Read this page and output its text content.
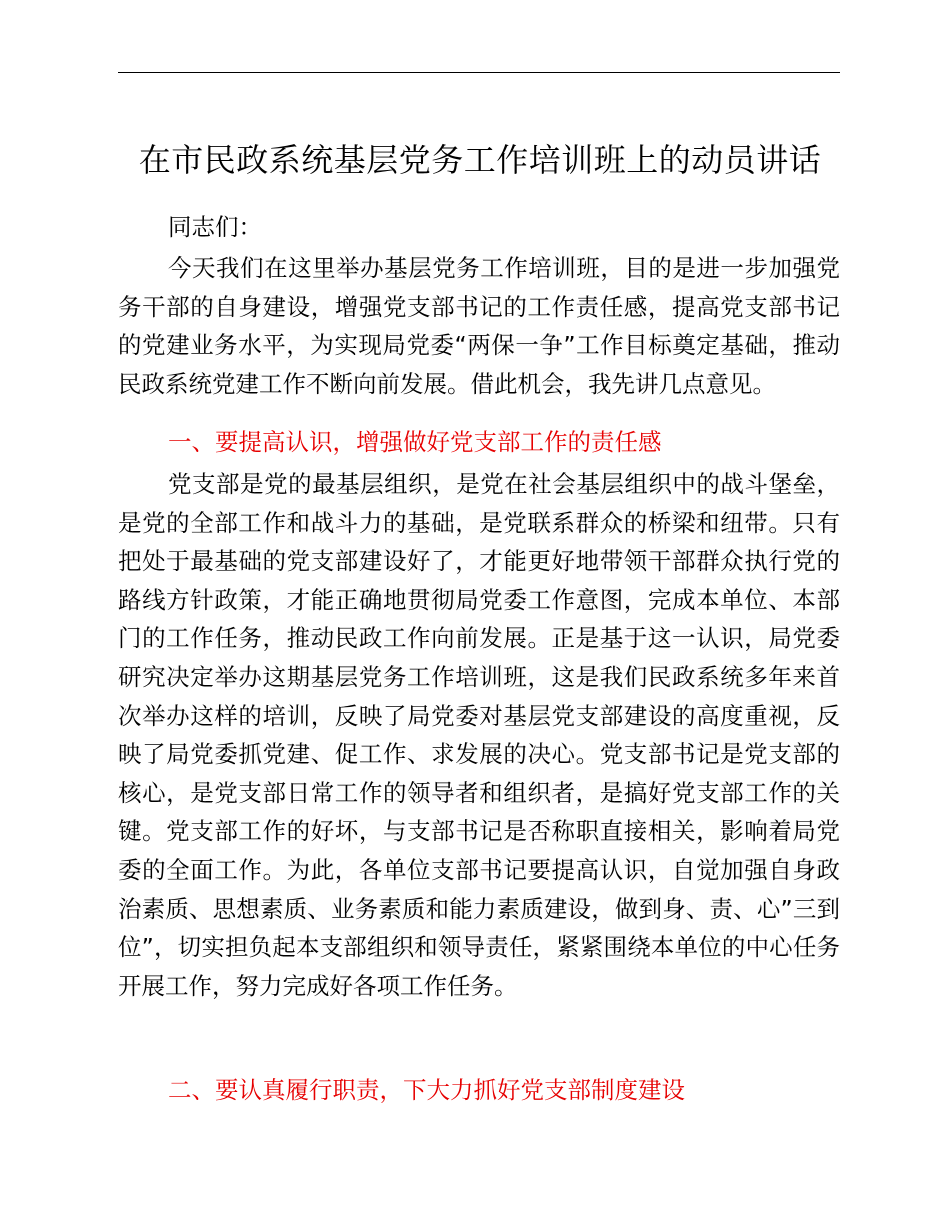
在市民政系统基层党务工作培训班上的动员讲话

同志们：

今天我们在这里举办基层党务工作培训班，目的是进一步加强党务干部的自身建设，增强党支部书记的工作责任感，提高党支部书记的党建业务水平，为实现局党委“两保一争”工作目标奠定基础，推动民政系统党建工作不断向前发展。借此机会，我先讲几点意见。

一、要提高认识，增强做好党支部工作的责任感

党支部是党的最基层组织，是党在社会基层组织中的战斗堡垒，是党的全部工作和战斗力的基础，是党联系群众的桥梁和纽带。只有把处于最基础的党支部建设好了，才能更好地带领干部群众执行党的路线方针政策，才能正确地贯彻局党委工作意图，完成本单位、本部门的工作任务，推动民政工作向前发展。正是基于这一认识，局党委研究决定举办这期基层党务工作培训班，这是我们民政系统多年来首次举办这样的培训，反映了局党委对基层党支部建设的高度重视，反映了局党委抓党建、促工作、求发展的决心。党支部书记是党支部的核心，是党支部日常工作的领导者和组织者，是搞好党支部工作的关键。党支部工作的好坏，与支部书记是否称职直接相关，影响着局党委的全面工作。为此，各单位支部书记要提高认识，自觉加强自身政治素质、思想素质、业务素质和能力素质建设，做到身、责、心”三到位”，切实担负起本支部组织和领导责任，紧紧围绕本单位的中心任务开展工作，努力完成好各项工作任务。

二、要认真履行职责，下大力抓好党支部制度建设
